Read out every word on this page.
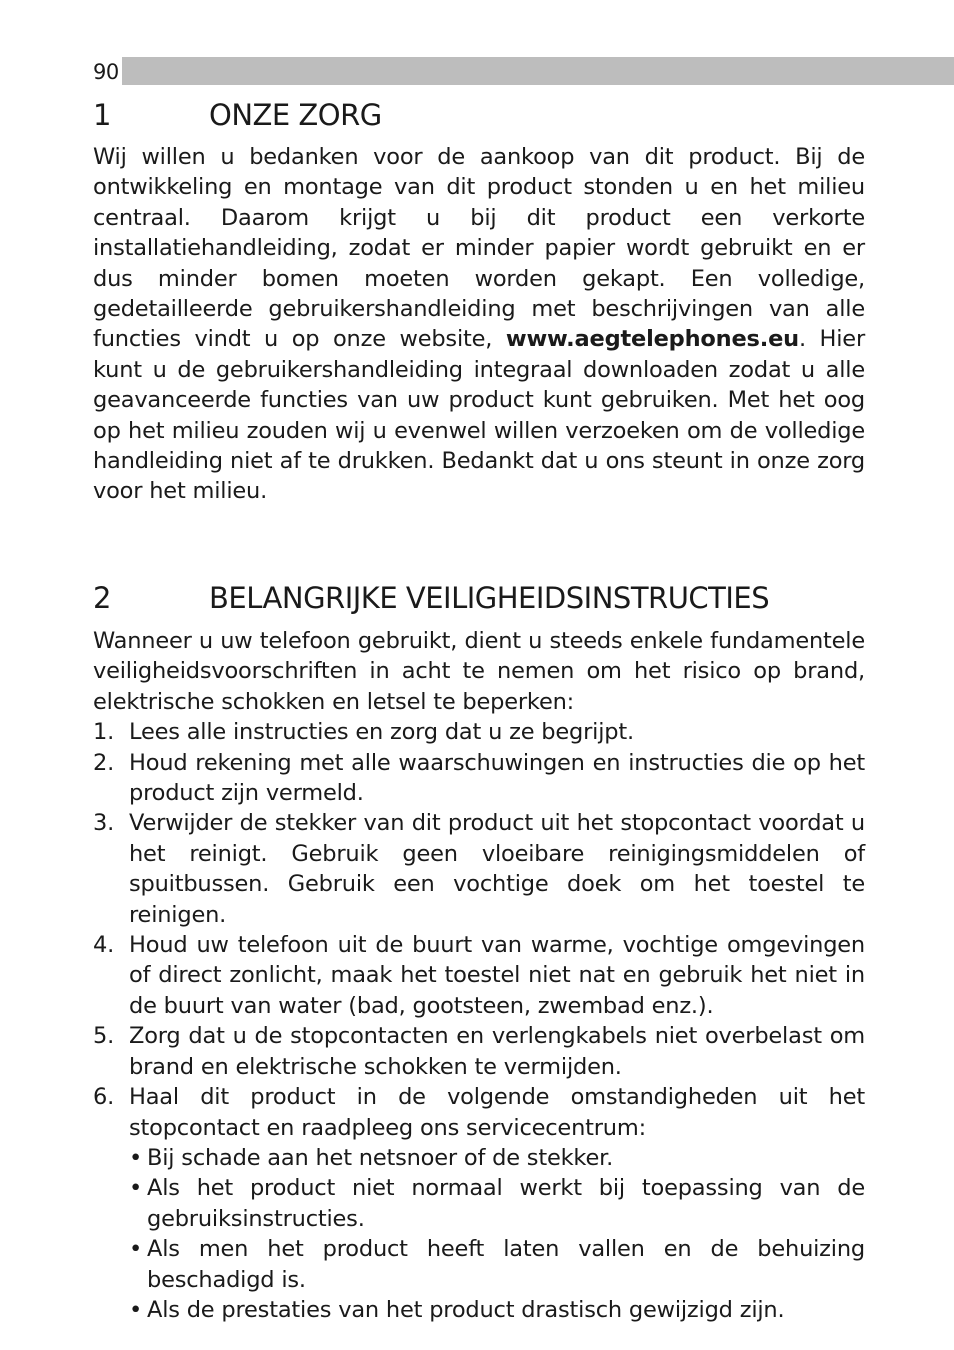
90
1	ONZE ZORG

Wij willen u bedanken voor de aankoop van dit product. Bij de ontwikkeling en montage van dit product stonden u en het milieu centraal. Daarom krijgt u bij dit product een verkorte installatiehandleiding, zodat er minder papier wordt gebruikt en er dus minder bomen moeten worden gekapt. Een volledige, gedetailleerde gebruikershandleiding met beschrijvingen van alle functies vindt u op onze website, www.aegtelephones.eu. Hier kunt u de gebruikershandleiding integraal downloaden zodat u alle geavanceerde functies van uw product kunt gebruiken. Met het oog op het milieu zouden wij u evenwel willen verzoeken om de volledige handleiding niet af te drukken. Bedankt dat u ons steunt in onze zorg voor het milieu.

2	BELANGRIJKE VEILIGHEIDSINSTRUCTIES

Wanneer u uw telefoon gebruikt, dient u steeds enkele fundamentele veiligheidsvoorschriften in acht te nemen om het risico op brand, elektrische schokken en letsel te beperken:

1. Lees alle instructies en zorg dat u ze begrijpt.
2. Houd rekening met alle waarschuwingen en instructies die op het product zijn vermeld.
3. Verwijder de stekker van dit product uit het stopcontact voordat u het reinigt. Gebruik geen vloeibare reinigingsmiddelen of spuitbussen. Gebruik een vochtige doek om het toestel te reinigen.
4. Houd uw telefoon uit de buurt van warme, vochtige omgevingen of direct zonlicht, maak het toestel niet nat en gebruik het niet in de buurt van water (bad, gootsteen, zwembad enz.).
5. Zorg dat u de stopcontacten en verlengkabels niet overbelast om brand en elektrische schokken te vermijden.
6. Haal dit product in de volgende omstandigheden uit het stopcontact en raadpleeg ons servicecentrum:
• Bij schade aan het netsnoer of de stekker.
• Als het product niet normaal werkt bij toepassing van de gebruiksinstructies.
• Als men het product heeft laten vallen en de behuizing beschadigd is.
• Als de prestaties van het product drastisch gewijzigd zijn.
